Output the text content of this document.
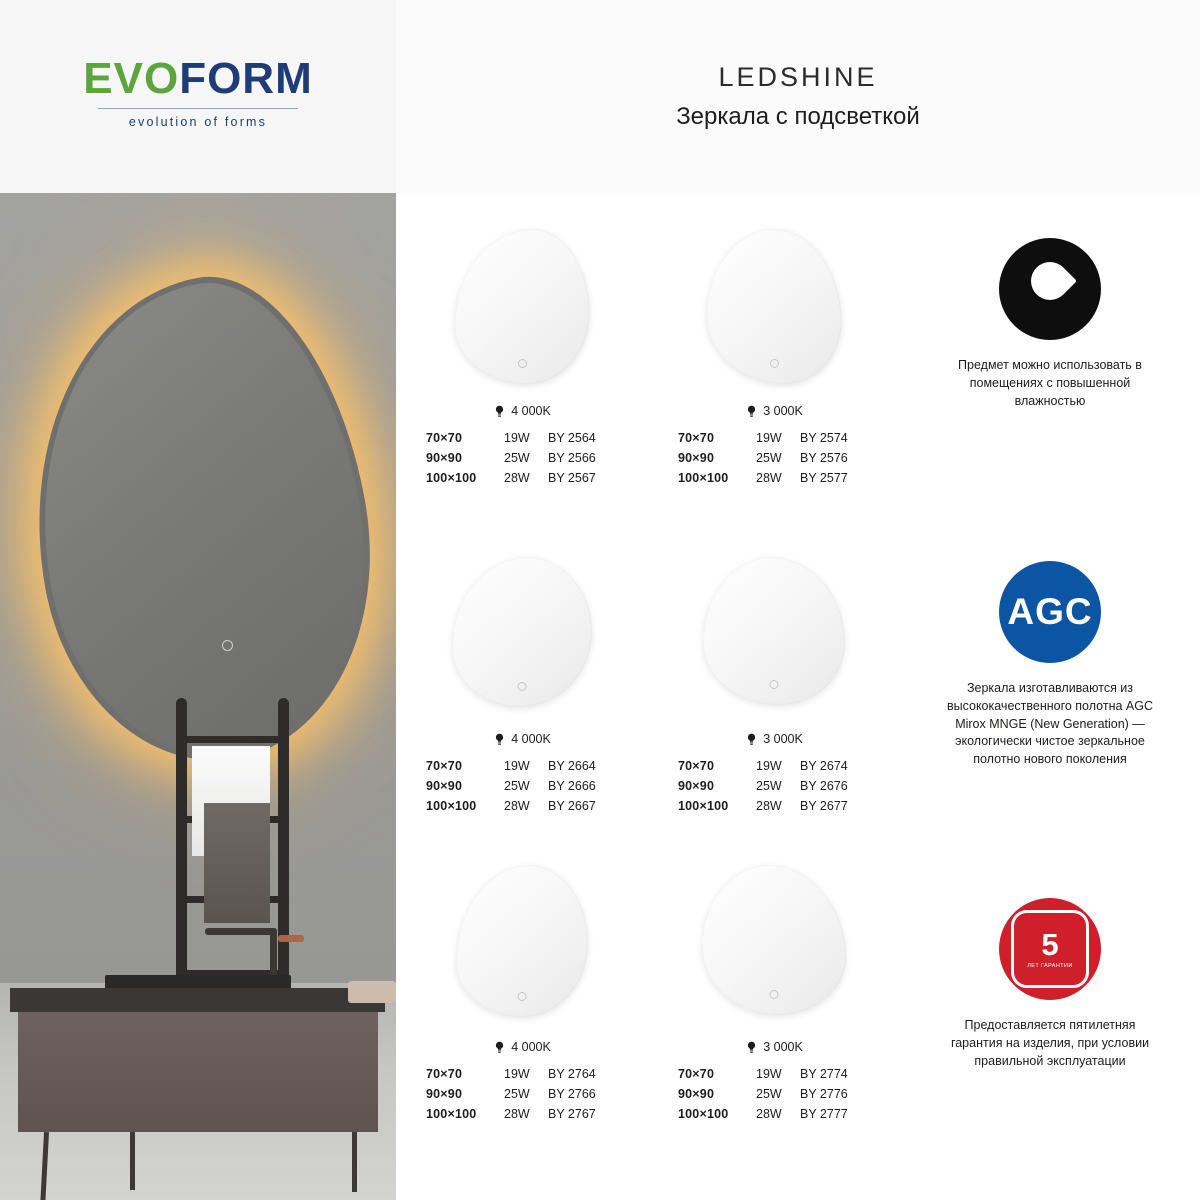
EVOFORM
evolution of forms
LEDSHINE
Зеркала с подсветкой
4 000K
70×70	19W	BY 2564
90×90	25W	BY 2566
100×100	28W	BY 2567
3 000K
70×70	19W	BY 2574
90×90	25W	BY 2576
100×100	28W	BY 2577
4 000K
70×70	19W	BY 2664
90×90	25W	BY 2666
100×100	28W	BY 2667
3 000K
70×70	19W	BY 2674
90×90	25W	BY 2676
100×100	28W	BY 2677
4 000K
70×70	19W	BY 2764
90×90	25W	BY 2766
100×100	28W	BY 2767
3 000K
70×70	19W	BY 2774
90×90	25W	BY 2776
100×100	28W	BY 2777
Предмет можно использовать в помещениях с повышенной влажностью
AGC
Зеркала изготавливаются из высококачественного полотна AGC Mirox MNGE (New Generation) — экологически чистое зеркальное полотно нового поколения
5
ЛЕТ ГАРАНТИИ
Предоставляется пятилетняя гарантия на изделия, при условии правильной эксплуатации
